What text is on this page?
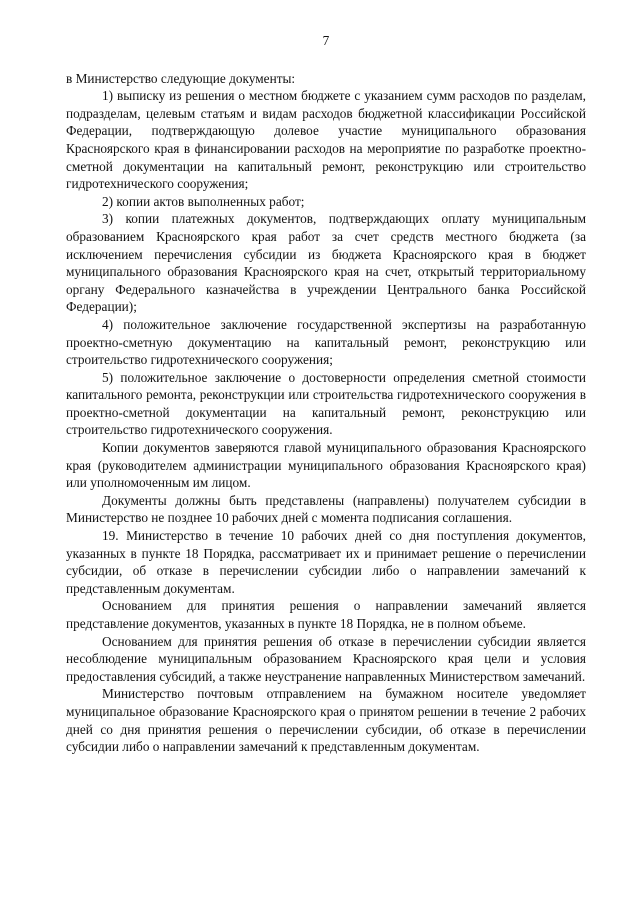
7

в Министерство следующие документы:

1) выписку из решения о местном бюджете с указанием сумм расходов по разделам, подразделам, целевым статьям и видам расходов бюджетной классификации Российской Федерации, подтверждающую долевое участие муниципального образования Красноярского края в финансировании расходов на мероприятие по разработке проектно-сметной документации на капитальный ремонт, реконструкцию или строительство гидротехнического сооружения;

2) копии актов выполненных работ;

3) копии платежных документов, подтверждающих оплату муниципальным образованием Красноярского края работ за счет средств местного бюджета (за исключением перечисления субсидии из бюджета Красноярского края в бюджет муниципального образования Красноярского края на счет, открытый территориальному органу Федерального казначейства в учреждении Центрального банка Российской Федерации);

4) положительное заключение государственной экспертизы на разработанную проектно-сметную документацию на капитальный ремонт, реконструкцию или строительство гидротехнического сооружения;

5) положительное заключение о достоверности определения сметной стоимости капитального ремонта, реконструкции или строительства гидротехнического сооружения в проектно-сметной документации на капитальный ремонт, реконструкцию или строительство гидротехнического сооружения.

Копии документов заверяются главой муниципального образования Красноярского края (руководителем администрации муниципального образования Красноярского края) или уполномоченным им лицом.

Документы должны быть представлены (направлены) получателем субсидии в Министерство не позднее 10 рабочих дней с момента подписания соглашения.

19. Министерство в течение 10 рабочих дней со дня поступления документов, указанных в пункте 18 Порядка, рассматривает их и принимает решение о перечислении субсидии, об отказе в перечислении субсидии либо о направлении замечаний к представленным документам.

Основанием для принятия решения о направлении замечаний является представление документов, указанных в пункте 18 Порядка, не в полном объеме.

Основанием для принятия решения об отказе в перечислении субсидии является несоблюдение муниципальным образованием Красноярского края цели и условия предоставления субсидий, а также неустранение направленных Министерством замечаний.

Министерство почтовым отправлением на бумажном носителе уведомляет муниципальное образование Красноярского края о принятом решении в течение 2 рабочих дней со дня принятия решения о перечислении субсидии, об отказе в перечислении субсидии либо о направлении замечаний к представленным документам.
